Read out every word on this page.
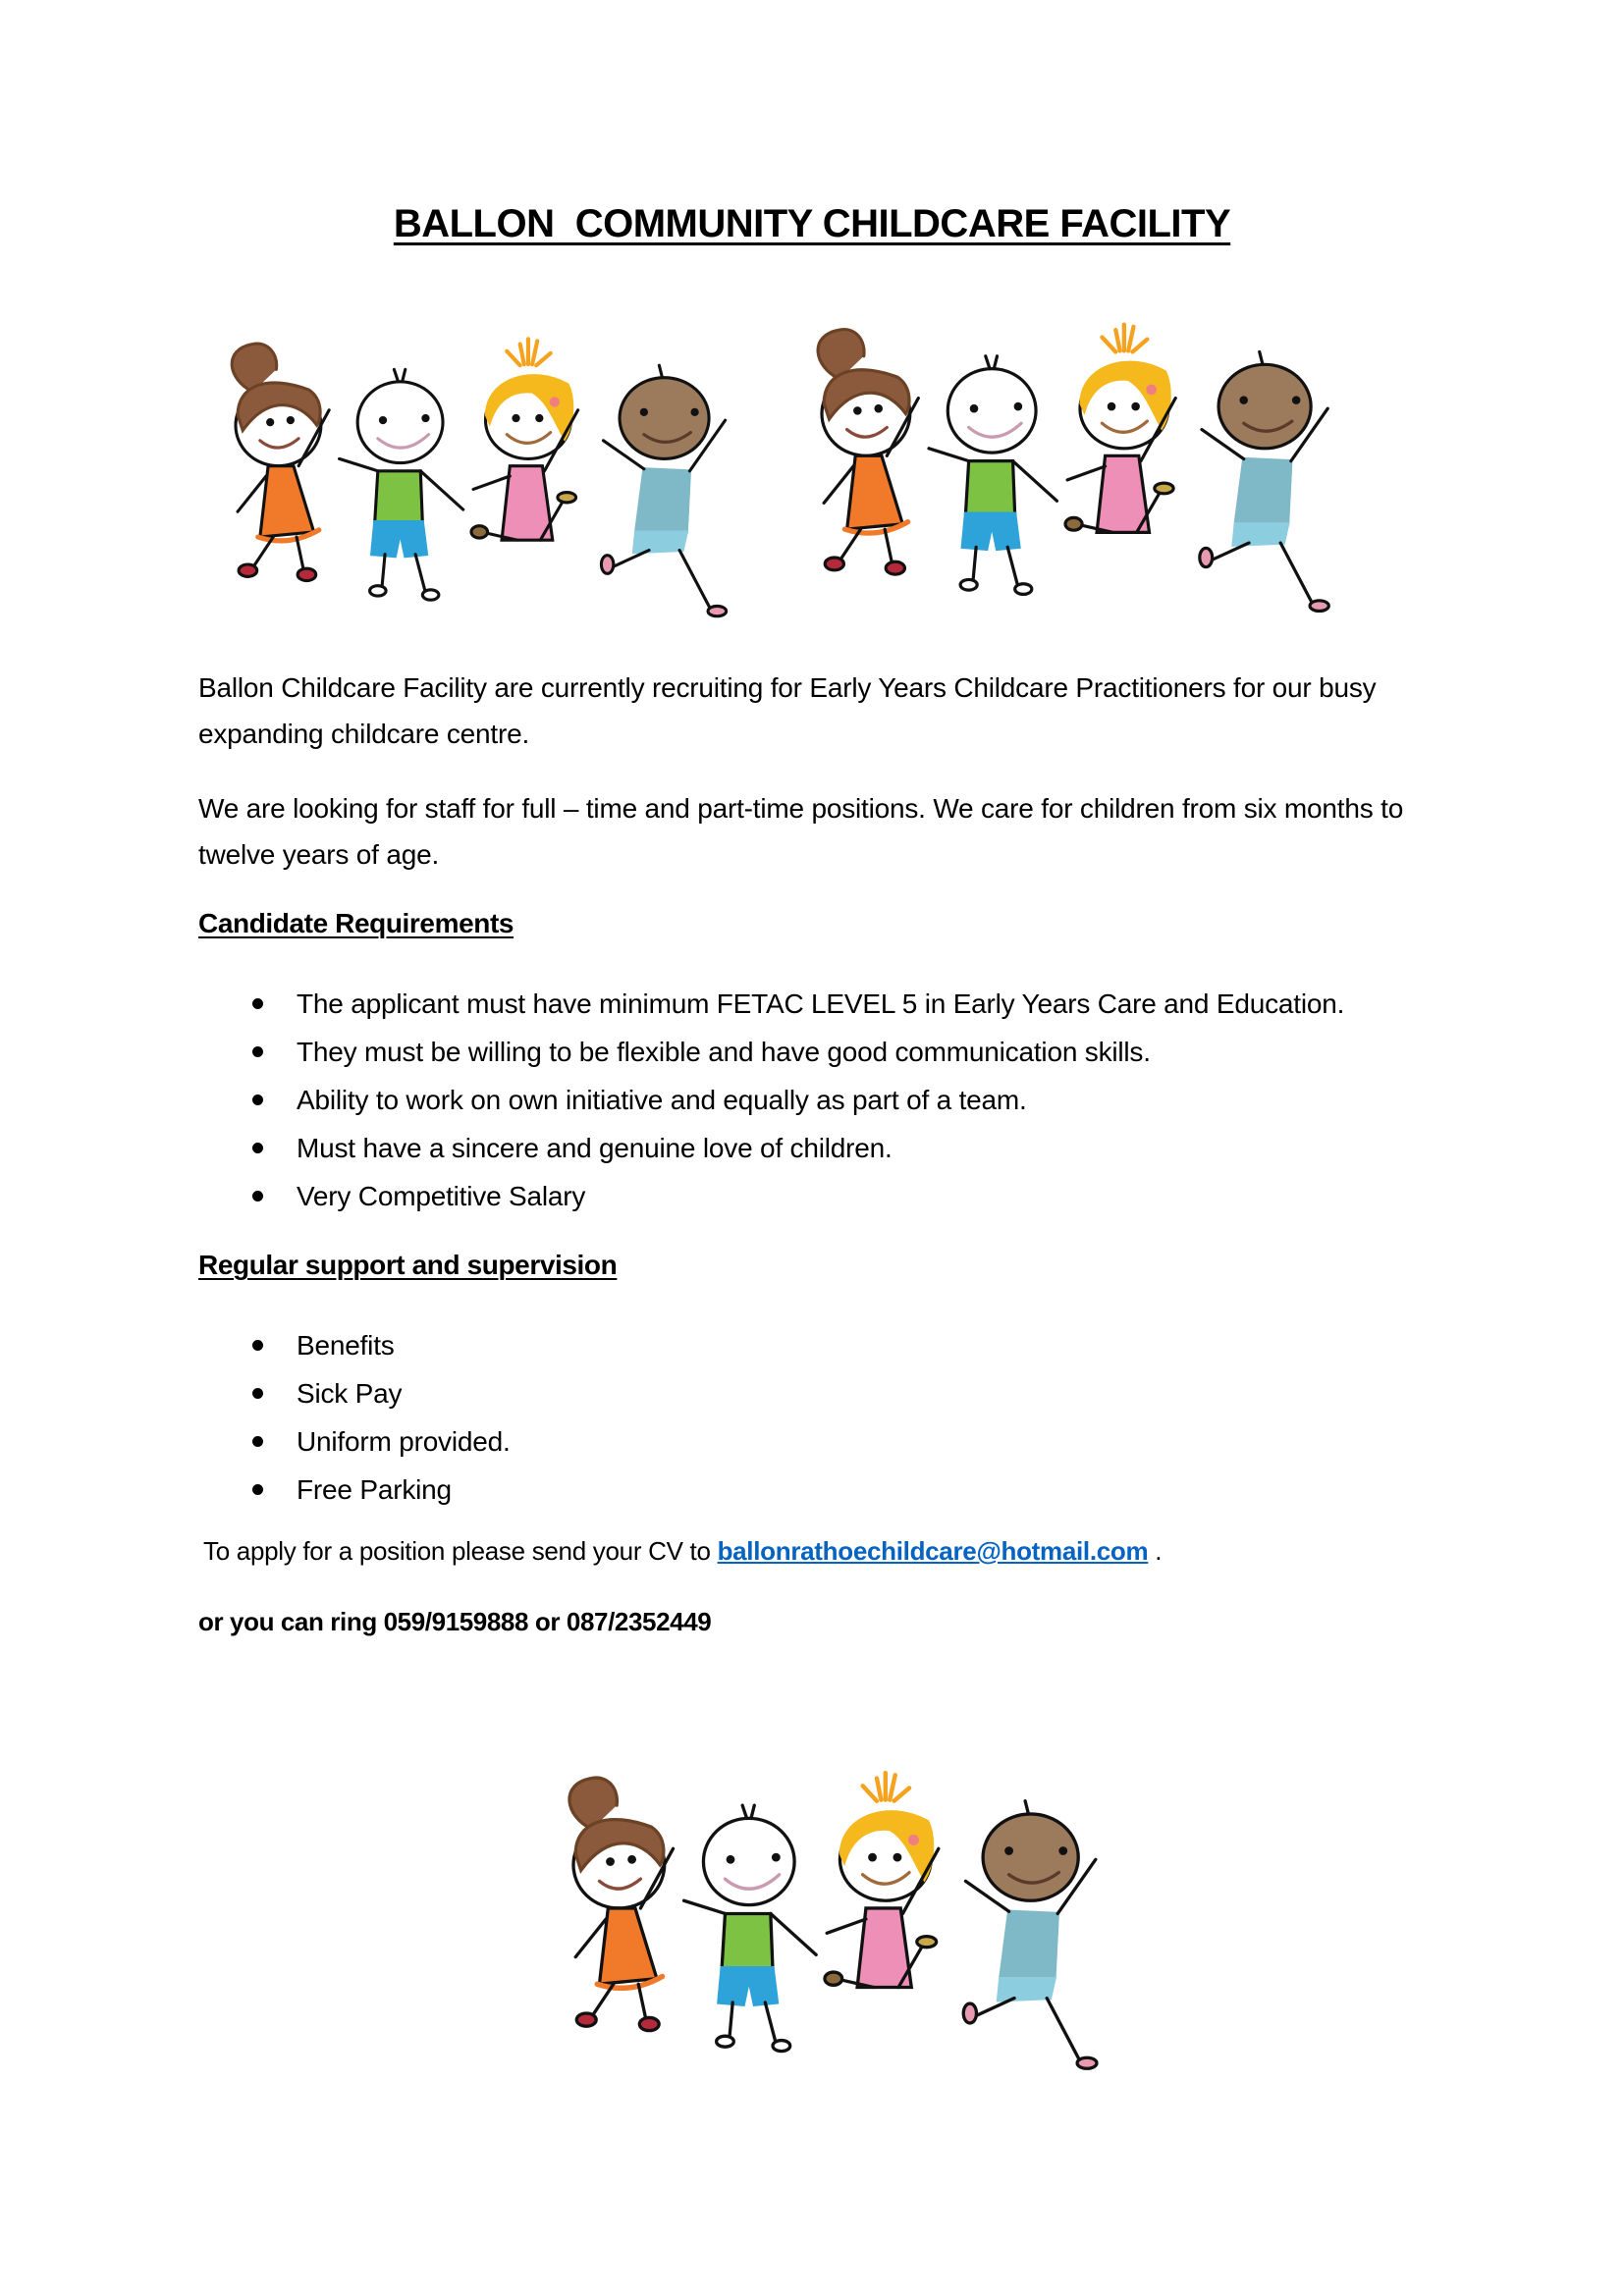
BALLON  COMMUNITY CHILDCARE FACILITY
Ballon Childcare Facility are currently recruiting for Early Years Childcare Practitioners for our busy expanding childcare centre.
We are looking for staff for full – time and part-time positions. We care for children from six months to twelve years of age.
Candidate Requirements
The applicant must have minimum FETAC LEVEL 5 in Early Years Care and Education.
They must be willing to be flexible and have good communication skills.
Ability to work on own initiative and equally as part of a team.
Must have a sincere and genuine love of children.
Very Competitive Salary
Regular support and supervision
Benefits
Sick Pay
Uniform provided.
Free Parking
To apply for a position please send your CV to ballonrathoechildcare@hotmail.com .
or you can ring 059/9159888 or 087/2352449
